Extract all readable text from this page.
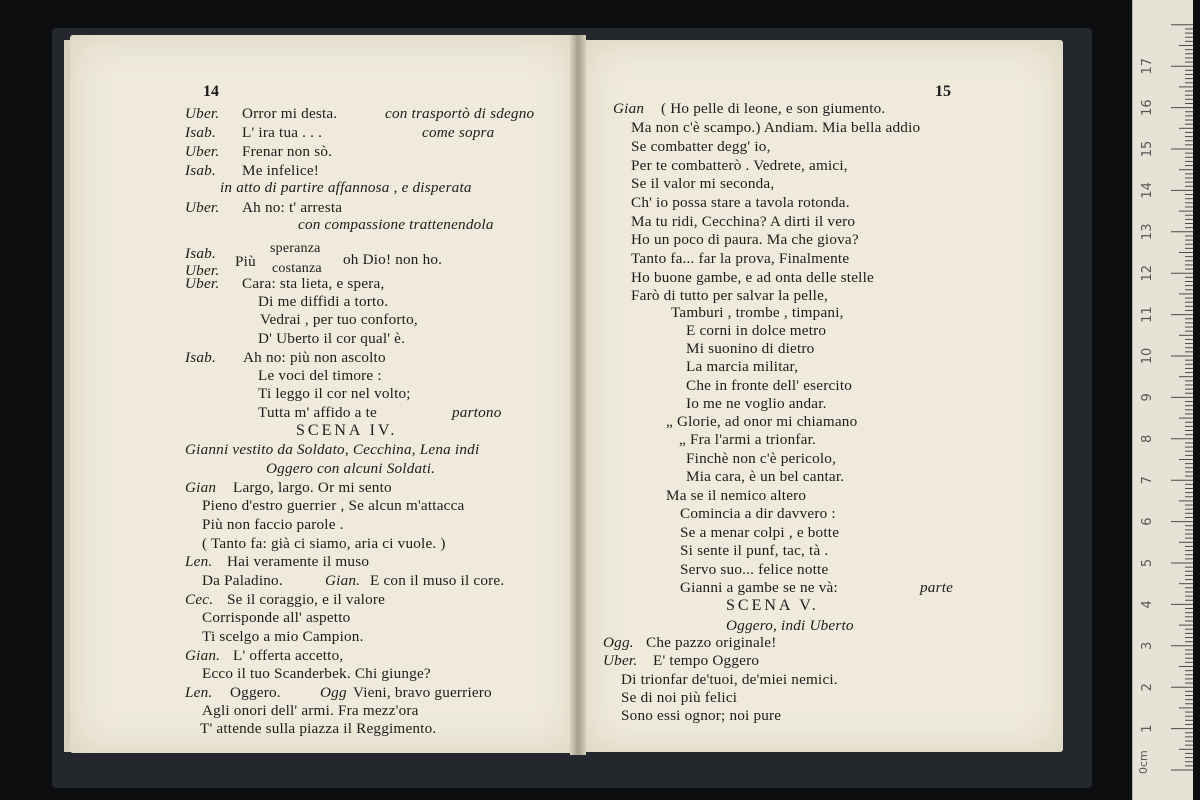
14
Uber. Orror mi desta.	con trasportò di sdegno
Isab. L' ira tua . . .	come sopra
Uber. Frenar non sò.
Isab. Me infelice!
in atto di partire affannosa , e disperata
Uber. Ah no: t' arresta
con compassione trattenendola
Isab.
Uber.
Più
speranza
costanza
oh Dio! non ho.
Uber. Cara: sta lieta, e spera,
Di me diffidi a torto.
Vedrai , per tuo conforto,
D' Uberto il cor qual' è.
Isab. Ah no: più non ascolto
Le voci del timore :
Ti leggo il cor nel volto;
Tutta m' affido a te	partono
SCENA IV.
Gianni vestito da Soldato, Cecchina, Lena indi
Oggero con alcuni Soldati.
Gian Largo, largo. Or mi sento
Pieno d'estro guerrier , Se alcun m'attacca
Più non faccio parole .
( Tanto fa: già ci siamo, aria ci vuole. )
Len. Hai veramente il muso
Da Paladino.	Gian. E con il muso il core.
Cec. Se il coraggio, e il valore
Corrisponde all' aspetto
Ti scelgo a mio Campion.
Gian. L' offerta accetto,
Ecco il tuo Scanderbek. Chi giunge?
Len. Oggero.	Ogg Vieni, bravo guerriero
Agli onori dell' armi. Fra mezz'ora
T' attende sulla piazza il Reggimento.
15
Gian ( Ho pelle di leone, e son giumento.
Ma non c'è scampo.) Andiam. Mia bella addio
Se combatter degg' io,
Per te combatterò . Vedrete, amici,
Se il valor mi seconda,
Ch' io possa stare a tavola rotonda.
Ma tu ridi, Cecchina? A dirti il vero
Ho un poco di paura. Ma che giova?
Tanto fa... far la prova, Finalmente
Ho buone gambe, e ad onta delle stelle
Farò di tutto per salvar la pelle,
Tamburi , trombe , timpani,
E corni in dolce metro
Mi suonino di dietro
La marcia militar,
Che in fronte dell' esercito
Io me ne voglio andar.
„ Glorie, ad onor mi chiamano
„ Fra l'armi a trionfar.
Finchè non c'è pericolo,
Mia cara, è un bel cantar.
Ma se il nemico altero
Comincia a dir davvero :
Se a menar colpi , e botte
Si sente il punf, tac, tà .
Servo suo... felice notte
Gianni a gambe se ne và:	parte
SCENA V.
Oggero, indi Uberto
Ogg. Che pazzo originale!
Uber. E' tempo Oggero
Di trionfar de'tuoi, de'miei nemici.
Se di noi più felici
Sono essi ognor; noi pure
0cm
1
2
3
4
5
6
7
8
9
10
11
12
13
14
15
16
17
